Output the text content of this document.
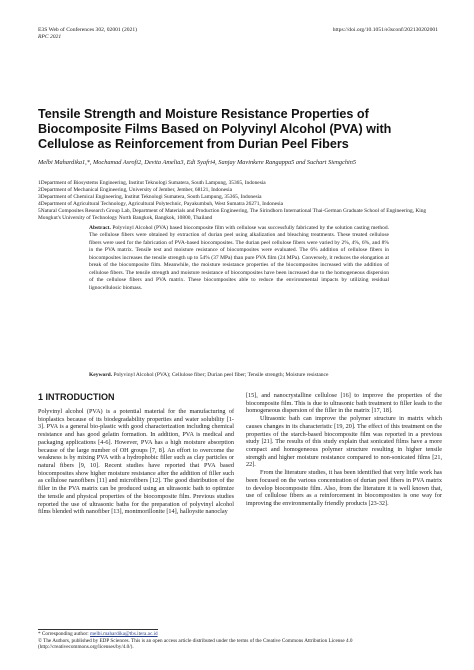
E3S Web of Conferences 302, 02001 (2021)	https://doi.org/10.1051/e3sconf/202130202001
RPC 2021
Tensile Strength and Moisture Resistance Properties of Biocomposite Films Based on Polyvinyl Alcohol (PVA) with Cellulose as Reinforcement from Durian Peel Fibers
Melbi Mahardika1,*, Mochamad Asrofi2, Devita Amelia3, Edi Syafri4, Sanjay Mavinkere Rangappa5 and Suchart Siengchin5
1Department of Biosystems Engineering, Institut Teknologi Sumatera, South Lampung, 35365, Indonesia
2Department of Mechanical Engineering, University of Jember, Jember, 68121, Indonesia
3Department of Chemical Engineering, Institut Teknologi Sumatera, South Lampung, 35365, Indonesia
4Department of Agricultural Technology, Agricultural Polytechnic, Payakumbuh, West Sumatra 26271, Indonesia
5Natural Composites Research Group Lab, Department of Materials and Production Engineering, The Sirindhorn International Thai-German Graduate School of Engineering, King Mongkut's University of Technology North Bangkok, Bangkok, 10800, Thailand
Abstract. Polyvinyl Alcohol (PVA) based biocomposite film with cellulose was successfully fabricated by the solution casting method. The cellulose fibers were obtained by extraction of durian peel using alkalization and bleaching treatments. These treated cellulose fibers were used for the fabrication of PVA-based biocomposites. The durian peel cellulose fibers were varied by 2%, 4%, 6%, and 8% in the PVA matrix. Tensile test and moisture resistance of biocomposites were evaluated. The 6% addition of cellulose fibers in biocomposites increases the tensile strength up to 54% (37 MPa) than pure PVA film (24 MPa). Conversely, it reduces the elongation at break of the biocomposite film. Meanwhile, the moisture resistance properties of the biocomposites increased with the addition of cellulose fibers. The tensile strength and moisture resistance of biocomposites have been increased due to the homogeneous dispersion of the cellulose fibers and PVA matrix. These biocomposites able to reduce the environmental impacts by utilizing residual lignocellulosic biomass.
Keyword. Polyvinyl Alcohol (PVA); Cellulose fiber; Durian peel fiber; Tensile strength; Moisture resistance
1 INTRODUCTION

Polyvinyl alcohol (PVA) is a potential material for the manufacturing of bioplastics because of its biodegradability properties and water solubility [1-3]. PVA is a general bio-plastic with good characterization including chemical resistance and has good gelatin formation. In addition, PVA is medical and packaging applications [4-6]. However, PVA has a high moisture absorption because of the large number of OH groups [7, 8]. An effort to overcome the weakness is by mixing PVA with a hydrophobic filler such as clay particles or natural fibers [9, 10]. Recent studies have reported that PVA based biocomposites show higher moisture resistance after the addition of filler such as cellulose nanofibers [11] and microfibers [12]. The good distribution of the filler in the PVA matrix can be produced using an ultrasonic bath to optimize the tensile and physical properties of the biocomposite film. Previous studies reported the use of ultrasonic baths for the preparation of polyvinyl alcohol films blended with nanofiber [13], montmorillonite [14], halloysite nanoclay

[15], and nanocrystalline cellulose [16] to improve the properties of the biocomposite film. This is due to ultrasonic bath treatment to filler leads to the homogeneous dispersion of the filler in the matrix [17, 18].

Ultrasonic bath can improve the polymer structure in matrix which causes changes in its characteristic [19, 20]. The effect of this treatment on the properties of the starch-based biocomposite film was reported in a previous study [21]. The results of this study explain that sonicated films have a more compact and homogeneous polymer structure resulting in higher tensile strength and higher moisture resistance compared to non-sonicated films [21, 22].

From the literature studies, it has been identified that very little work has been focused on the various concentration of durian peel fibers in PVA matrix to develop biocomposite film. Also, from the literature it is well known that, use of cellulose fibers as a reinforcement in biocomposites is one way for improving the environmentally friendly products [23-32].

* Corresponding author: melbi.mahardika@tbs.itera.ac.id
© The Authors, published by EDP Sciences. This is an open access article distributed under the terms of the Creative Commons Attribution License 4.0 (http://creativecommons.org/licenses/by/4.0/).
